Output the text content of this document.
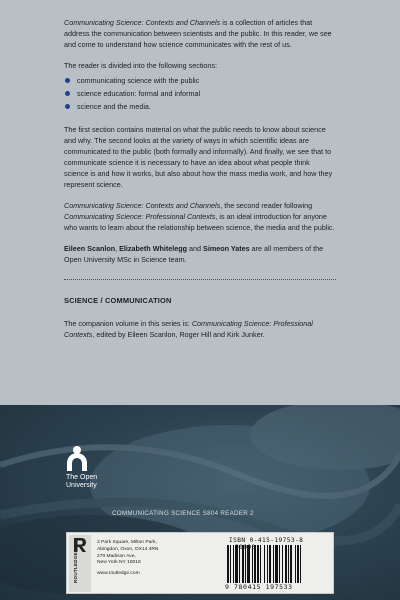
Communicating Science: Contexts and Channels is a collection of articles that address the communication between scientists and the public. In this reader, we see and come to understand how science communicates with the rest of us.

The reader is divided into the following sections:

communicating science with the public
science education: formal and informal
science and the media.

The first section contains material on what the public needs to know about science and why. The second looks at the variety of ways in which scientific ideas are communicated to the public (both formally and informally). And finally, we see that to communicate science it is necessary to have an idea about what people think science is and how it works, but also about how the mass media work, and how they represent science.

Communicating Science: Contexts and Channels, the second reader following Communicating Science: Professional Contexts, is an ideal introduction for anyone who wants to learn about the relationship between science, the media and the public.

Eileen Scanlon, Elizabeth Whitelegg and Simeon Yates are all members of the Open University MSc in Science team.

SCIENCE / COMMUNICATION

The companion volume in this series is: Communicating Science: Professional Contexts, edited by Eileen Scanlon, Roger Hill and Kirk Junker.

The Open
University
COMMUNICATING SCIENCE S804 READER 2
ROUTLEDGE
2 Park Square, Milton Park,
Abingdon, Oxon, OX14 4RN
270 Madison Ave,
New York NY 10016
www.routledge.com
ISBN 0-415-19753-8
9 780415 197533
